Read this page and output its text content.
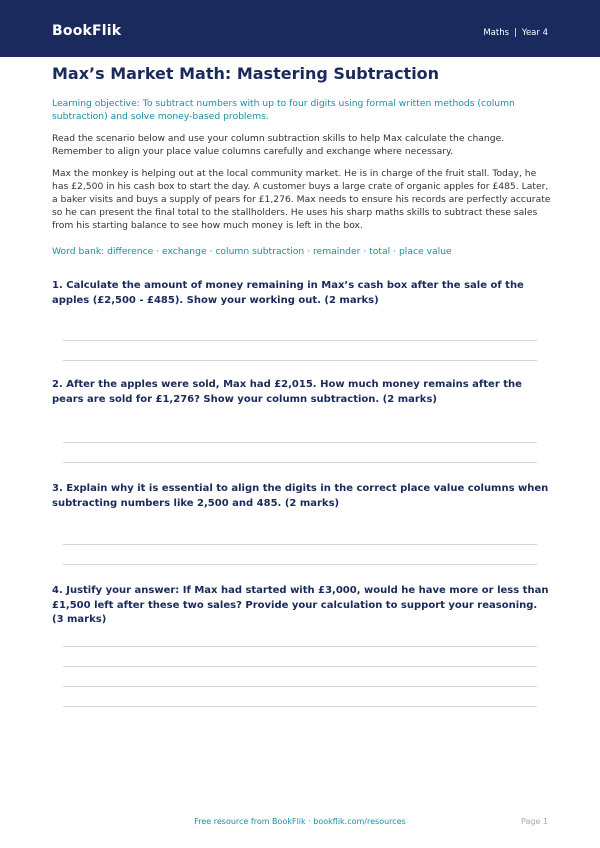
BookFlik	Maths | Year 4
Max’s Market Math: Mastering Subtraction

Learning objective: To subtract numbers with up to four digits using formal written methods (column subtraction) and solve money-based problems.

Read the scenario below and use your column subtraction skills to help Max calculate the change. Remember to align your place value columns carefully and exchange where necessary.

Max the monkey is helping out at the local community market. He is in charge of the fruit stall. Today, he has £2,500 in his cash box to start the day. A customer buys a large crate of organic apples for £485. Later, a baker visits and buys a supply of pears for £1,276. Max needs to ensure his records are perfectly accurate so he can present the final total to the stallholders. He uses his sharp maths skills to subtract these sales from his starting balance to see how much money is left in the box.

Word bank: difference · exchange · column subtraction · remainder · total · place value

1. Calculate the amount of money remaining in Max’s cash box after the sale of the apples (£2,500 - £485). Show your working out. (2 marks)

2. After the apples were sold, Max had £2,015. How much money remains after the pears are sold for £1,276? Show your column subtraction. (2 marks)

3. Explain why it is essential to align the digits in the correct place value columns when subtracting numbers like 2,500 and 485. (2 marks)

4. Justify your answer: If Max had started with £3,000, would he have more or less than £1,500 left after these two sales? Provide your calculation to support your reasoning. (3 marks)

Free resource from BookFlik · bookflik.com/resources	Page 1
